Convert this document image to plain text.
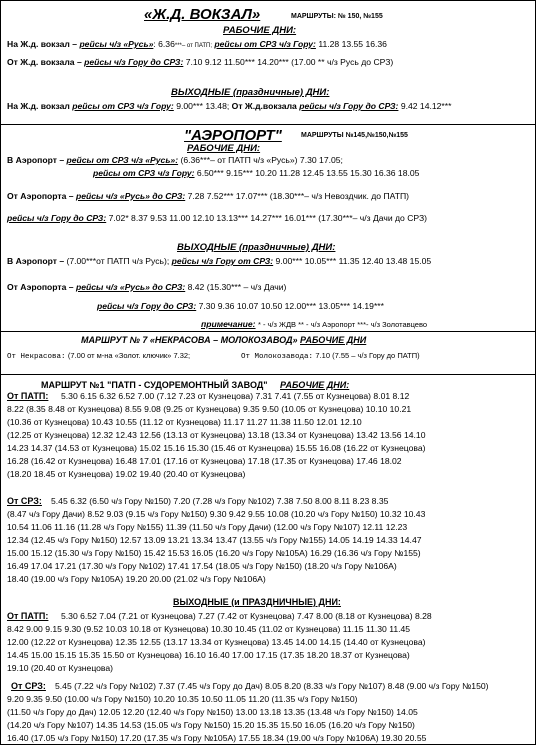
«Ж.Д. ВОКЗАЛ»	МАРШРУТЫ: № 150, №155
РАБОЧИЕ ДНИ:
На Ж.д. вокзал – рейсы ч/з «Русь»: 6.36***– от ПАТП; рейсы от СРЗ ч/з Гору: 11.28 13.55 16.36
От Ж.д. вокзала – рейсы ч/з Гору до СРЗ: 7.10 9.12 11.50*** 14.20*** (17.00 ** ч/з Русь до СРЗ)
ВЫХОДНЫЕ (праздничные) ДНИ:
На Ж.д. вокзал рейсы от СРЗ ч/з Гору: 9.00*** 13.48; От Ж.д.вокзала рейсы ч/з Гору до СРЗ: 9.42 14.12***
"АЭРОПОРТ"	МАРШРУТЫ №145,№150,№155
РАБОЧИЕ ДНИ:
В Аэропорт – рейсы от СРЗ ч/з «Русь»: (6.36***– от ПАТП ч/з «Русь») 7.30 17.05;
рейсы от СРЗ ч/з Гору: 6.50*** 9.15*** 10.20 11.28 12.45 13.55 15.30 16.36 18.05
От Аэропорта – рейсы ч/з «Русь» до СРЗ: 7.28 7.52*** 17.07*** (18.30***– ч/з Невоздчик. до ПАТП)
рейсы ч/з Гору до СРЗ: 7.02* 8.37 9.53 11.00 12.10 13.13*** 14.27*** 16.01*** (17.30***– ч/з Дачи до СРЗ)
ВЫХОДНЫЕ (праздничные) ДНИ:
В Аэропорт – (7.00***от ПАТП ч/з Русь); рейсы ч/з Гору от СРЗ: 9.00*** 10.05*** 11.35 12.40 13.48 15.05
От Аэропорта – рейсы ч/з «Русь» до СРЗ: 8.42 (15.30*** – ч/з Дачи)
рейсы ч/з Гору до СРЗ: 7.30 9.36 10.07 10.50 12.00*** 13.05*** 14.19***
примечание: * - ч/з ЖДВ ** - ч/з Аэропорт ***- ч/з Золотавцево
МАРШРУТ № 7 «НЕКРАСОВА – МОЛОКОЗАВОД» РАБОЧИЕ ДНИ
От Некрасова: (7.00 от м-на «Золот. ключик» 7.32;	От Молокозавода: 7.10 (7.55 – ч/з Гору до ПАТП)
МАРШРУТ №1 "ПАТП - СУДОРЕМОНТНЫЙ ЗАВОД" РАБОЧИЕ ДНИ:
От ПАТП: 5.30 6.15 6.32 6.52 7.00 (7.12 7.23 от Кузнецова) 7.31 7.41 (7.55 от Кузнецова) 8.01 8.12
8.22 (8.35 8.48 от Кузнецова) 8.55 9.08 (9.25 от Кузнецова) 9.35 9.50 (10.05 от Кузнецова) 10.10 10.21
(10.36 от Кузнецова) 10.43 10.55 (11.12 от Кузнецова) 11.17 11.27 11.38 11.50 12.01 12.10
(12.25 от Кузнецова) 12.32 12.43 12.56 (13.13 от Кузнецова) 13.18 (13.34 от Кузнецова) 13.42 13.56 14.10
14.23 14.37 (14.53 от Кузнецова) 15.02 15.16 15.30 (15.46 от Кузнецова) 15.55 16.08 (16.22 от Кузнецова)
16.28 (16.42 от Кузнецова) 16.48 17.01 (17.16 от Кузнецова) 17.18 (17.35 от Кузнецова) 17.46 18.02
(18.20 18.45 от Кузнецова) 19.02 19.40 (20.40 от Кузнецова)
От СРЗ: 5.45 6.32 (6.50 ч/з Гору №150) 7.20 (7.28 ч/з Гору №102) 7.38 7.50 8.00 8.11 8.23 8.35
(8.47 ч/з Гору Дачи) 8.52 9.03 (9.15 ч/з Гору №150) 9.30 9.42 9.55 10.08 (10.20 ч/з Гору №150) 10.32 10.43
10.54 11.06 11.16 (11.28 ч/з Гору №155) 11.39 (11.50 ч/з Гору Дачи) (12.00 ч/з Гору №107) 12.11 12.23
12.34 (12.45 ч/з Гору №150) 12.57 13.09 13.21 13.34 13.47 (13.55 ч/з Гору №155) 14.05 14.19 14.33 14.47
15.00 15.12 (15.30 ч/з Гору №150) 15.42 15.53 16.05 (16.20 ч/з Гору №105А) 16.29 (16.36 ч/з Гору №155)
16.49 17.04 17.21 (17.30 ч/з Гору №102) 17.41 17.54 (18.05 ч/з Гору №150) (18.20 ч/з Гору №106А)
18.40 (19.00 ч/з Гору №105А) 19.20 20.00 (21.02 ч/з Гору №106А)
ВЫХОДНЫЕ (и ПРАЗДНИЧНЫЕ) ДНИ:
От ПАТП: 5.30 6.52 7.04 (7.21 от Кузнецова) 7.27 (7.42 от Кузнецова) 7.47 8.00 (8.18 от Кузнецова) 8.28
8.42 9.00 9.15 9.30 (9.52 10.03 10.18 от Кузнецова) 10.30 10.45 (11.02 от Кузнецова) 11.15 11.30 11.45
12.00 (12.22 от Кузнецова) 12.35 12.55 (13.17 13.34 от Кузнецова) 13.45 14.00 14.15 (14.40 от Кузнецова)
14.45 15.00 15.15 15.35 15.50 от Кузнецова) 16.10 16.40 17.00 17.15 (17.35 18.20 18.37 от Кузнецова)
19.10 (20.40 от Кузнецова)
От СРЗ: 5.45 (7.22 ч/з Гору №102) 7.37 (7.45 ч/з Гору до Дач) 8.05 8.20 (8.33 ч/з Гору №107) 8.48 (9.00 ч/з Гору №150)
9.20 9.35 9.50 (10.00 ч/з Гору №150) 10.20 10.35 10.50 11.05 11.20 (11.35 ч/з Гору №150)
(11.50 ч/з Гору до Дач) 12.05 12.20 (12.40 ч/з Гору №150) 13.00 13.18 13.35 (13.48 ч/з Гору №150) 14.05
(14.20 ч/з Гору №107) 14.35 14.53 (15.05 ч/з Гору №150) 15.20 15.35 15.50 16.05 (16.20 ч/з Гору №150)
16.40 (17.05 ч/з Гору №150) 17.20 (17.35 ч/з Гору №105А) 17.55 18.34 (19.00 ч/з Гору №106А) 19.30 20.55
